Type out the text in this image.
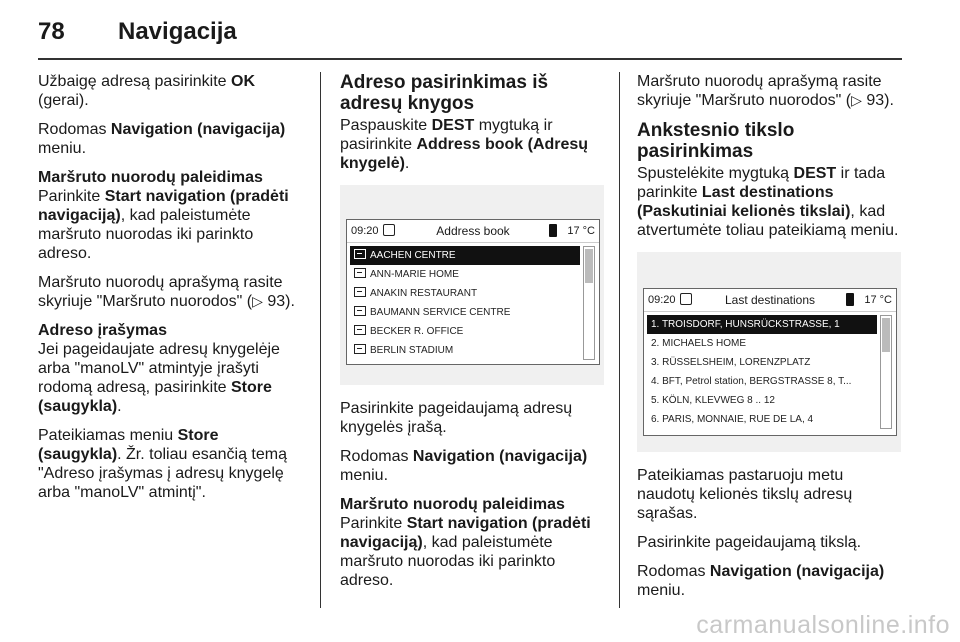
78 Navigacija

Užbaigę adresą pasirinkite OK (gerai).

Rodomas Navigation (navigacija) meniu.

Maršruto nuorodų paleidimas

Parinkite Start navigation (pradėti navigaciją), kad paleistumėte maršruto nuorodas iki parinkto adreso.

Maršruto nuorodų aprašymą rasite skyriuje "Maršruto nuorodos" (▷ 93).

Adreso įrašymas

Jei pageidaujate adresų knygelėje arba "manoLV" atmintyje įrašyti rodomą adresą, pasirinkite Store (saugykla).

Pateikiamas meniu Store (saugykla). Žr. toliau esančią temą "Adreso įrašymas į adresų knygelę arba "manoLV" atmintį".

Adreso pasirinkimas iš adresų knygos

Paspauskite DEST mygtuką ir pasirinkite Address book (Adresų knygelė).

09:20	Address book	17 °C
AACHEN CENTRE
ANN-MARIE HOME
ANAKIN RESTAURANT
BAUMANN SERVICE CENTRE
BECKER R. OFFICE
BERLIN STADIUM

Pasirinkite pageidaujamą adresų knygelės įrašą.

Rodomas Navigation (navigacija) meniu.

Maršruto nuorodų paleidimas

Parinkite Start navigation (pradėti navigaciją), kad paleistumėte maršruto nuorodas iki parinkto adreso.

Maršruto nuorodų aprašymą rasite skyriuje "Maršruto nuorodos" (▷ 93).

Ankstesnio tikslo pasirinkimas

Spustelėkite mygtuką DEST ir tada parinkite Last destinations (Paskutiniai kelionės tikslai), kad atvertumėte toliau pateikiamą meniu.

09:20	Last destinations	17 °C
1. TROISDORF, HUNSRÜCKSTRASSE, 1
2. MICHAELS HOME
3. RÜSSELSHEIM, LORENZPLATZ
4. BFT, Petrol station, BERGSTRASSE 8, T...
5. KÖLN, KLEVWEG 8 .. 12
6. PARIS, MONNAIE, RUE DE LA, 4

Pateikiamas pastaruoju metu naudotų kelionės tikslų adresų sąrašas.

Pasirinkite pageidaujamą tikslą.

Rodomas Navigation (navigacija) meniu.

carmanualsonline.info
